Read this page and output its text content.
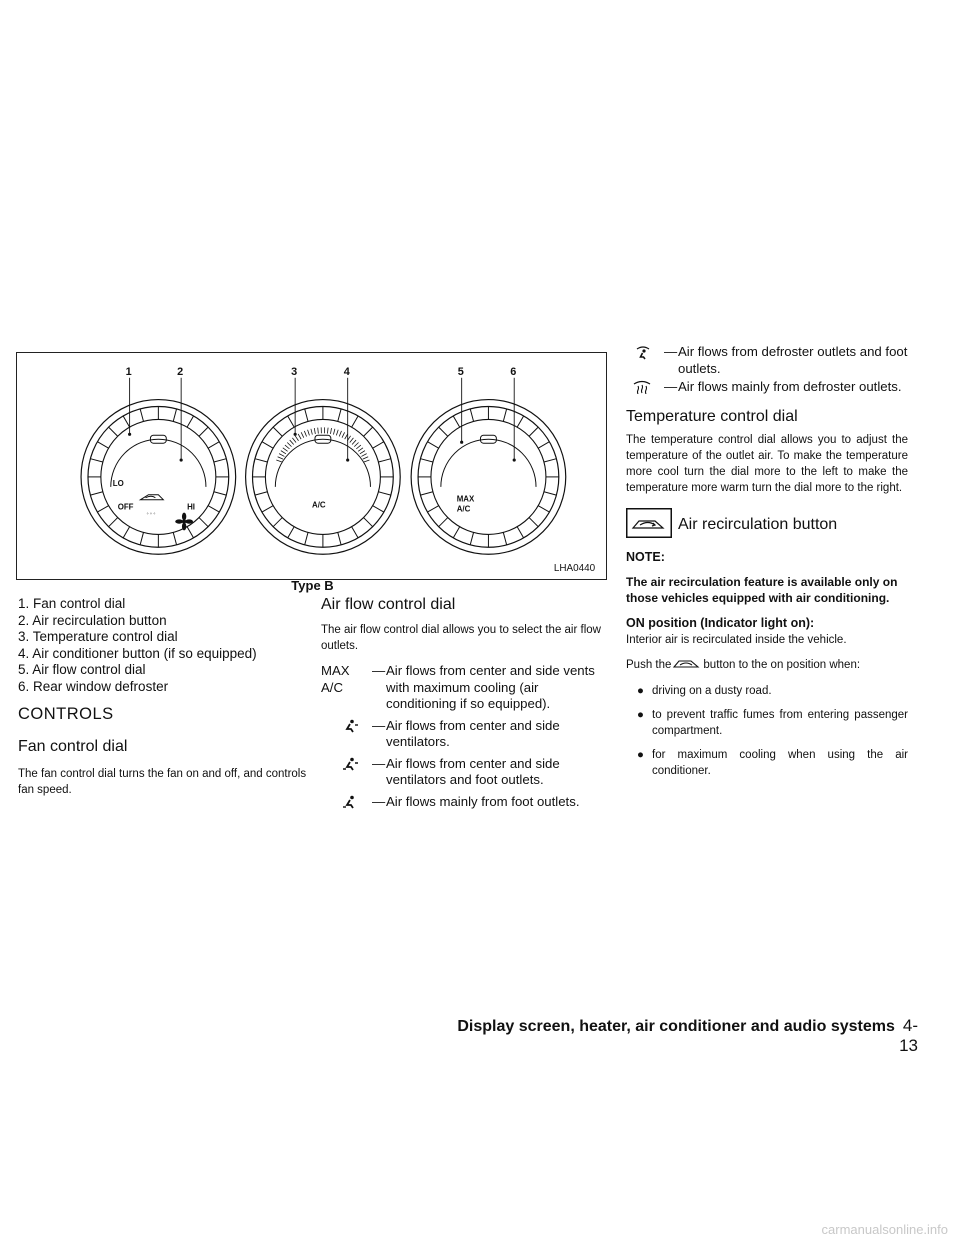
1	2	3	4	5	6
LO
OFF	HI
ﾟﾟﾟ
A/C
MAX
A/C
LHA0440
Type B

1. Fan control dial

2. Air recirculation button

3. Temperature control dial

4. Air conditioner button (if so equipped)

5. Air flow control dial

6. Rear window defroster

CONTROLS
Fan control dial

The fan control dial turns the fan on and off, and controls fan speed.

Air flow control dial

The air flow control dial allows you to select the air flow outlets.

MAX A/C
— Air flows from center and side vents with maximum cooling (air conditioning if so equipped).
— Air flows from center and side ventilators.
— Air flows from center and side ventilators and foot outlets.
— Air flows mainly from foot outlets.
— Air flows from defroster outlets and foot outlets.
— Air flows mainly from defroster outlets.
Temperature control dial

The temperature control dial allows you to adjust the temperature of the outlet air. To make the temperature more cool turn the dial more to the left to make the temperature more warm turn the dial more to the right.

Air recirculation button

NOTE:

The air recirculation feature is available only on those vehicles equipped with air conditioning.

ON position (Indicator light on):

Interior air is recirculated inside the vehicle.

Push the	button to the on position when:

● driving on a dusty road.
● to prevent traffic fumes from entering passenger compartment.
● for maximum cooling when using the air conditioner.
Display screen, heater, air conditioner and audio systems 4-13
carmanualsonline.info
